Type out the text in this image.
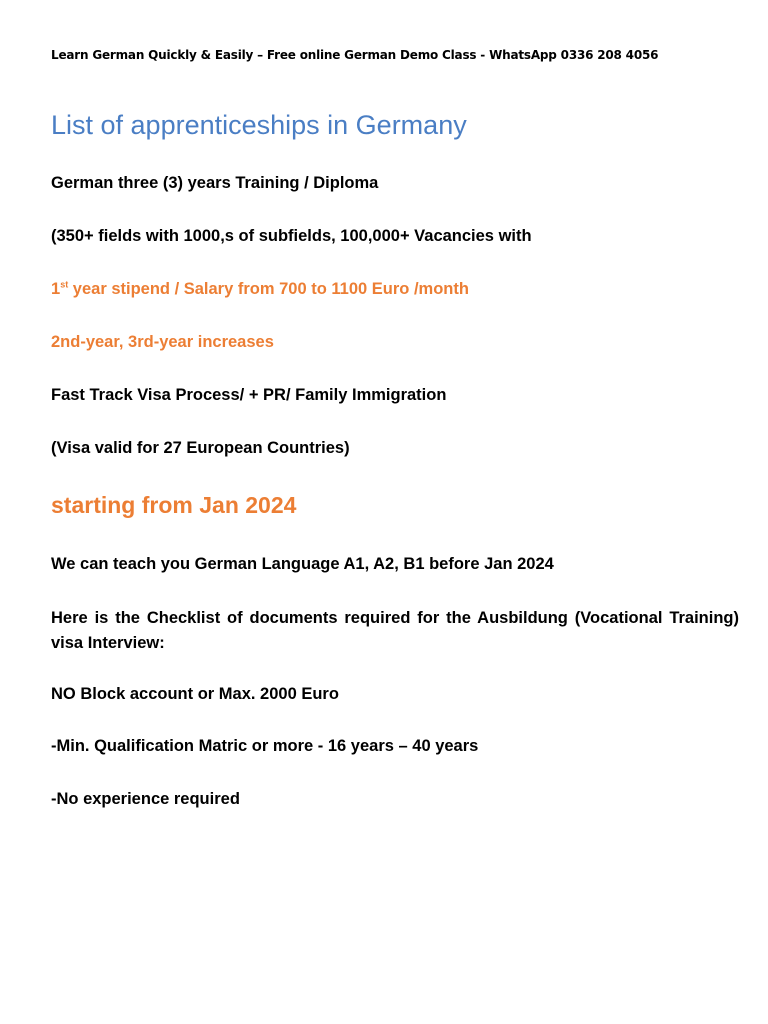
Learn German Quickly & Easily – Free online German Demo Class - WhatsApp 0336 208 4056
List of apprenticeships in Germany
German three (3) years Training / Diploma
(350+ fields with 1000,s of subfields, 100,000+ Vacancies with
1st year stipend / Salary from 700 to 1100 Euro /month
2nd-year, 3rd-year increases
Fast Track Visa Process/ + PR/ Family Immigration
(Visa valid for 27 European Countries)
starting from Jan 2024
We can teach you German Language A1, A2, B1 before Jan 2024
Here is the Checklist of documents required for the Ausbildung (Vocational Training) visa Interview:
NO Block account or Max. 2000 Euro
-Min. Qualification Matric or more - 16 years – 40 years
-No experience required
